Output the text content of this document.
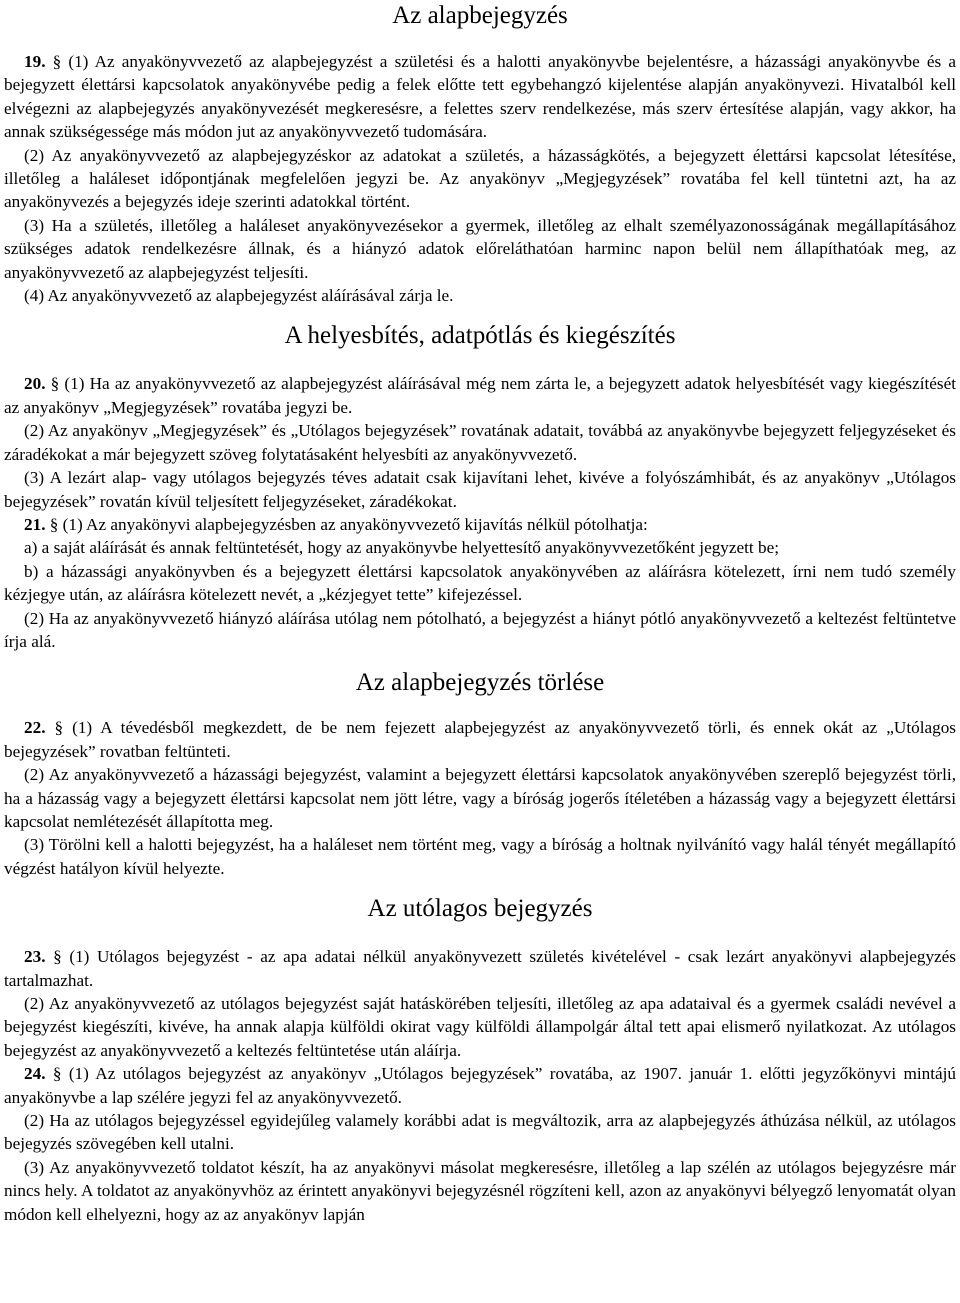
Az alapbejegyzés

19. § (1) Az anyakönyvvezető az alapbejegyzést a születési és a halotti anyakönyvbe bejelentésre, a házassági anyakönyvbe és a bejegyzett élettársi kapcsolatok anyakönyvébe pedig a felek előtte tett egybehangzó kijelentése alapján anyakönyvezi. Hivatalból kell elvégezni az alapbejegyzés anyakönyvezését megkeresésre, a felettes szerv rendelkezése, más szerv értesítése alapján, vagy akkor, ha annak szükségessége más módon jut az anyakönyvvezető tudomására.

(2) Az anyakönyvvezető az alapbejegyzéskor az adatokat a születés, a házasságkötés, a bejegyzett élettársi kapcsolat létesítése, illetőleg a haláleset időpontjának megfelelően jegyzi be. Az anyakönyv „Megjegyzések” rovatába fel kell tüntetni azt, ha az anyakönyvezés a bejegyzés ideje szerinti adatokkal történt.

(3) Ha a születés, illetőleg a haláleset anyakönyvezésekor a gyermek, illetőleg az elhalt személyazonosságának megállapításához szükséges adatok rendelkezésre állnak, és a hiányzó adatok előreláthatóan harminc napon belül nem állapíthatóak meg, az anyakönyvvezető az alapbejegyzést teljesíti.

(4) Az anyakönyvvezető az alapbejegyzést aláírásával zárja le.

A helyesbítés, adatpótlás és kiegészítés

20. § (1) Ha az anyakönyvvezető az alapbejegyzést aláírásával még nem zárta le, a bejegyzett adatok helyesbítését vagy kiegészítését az anyakönyv „Megjegyzések” rovatába jegyzi be.

(2) Az anyakönyv „Megjegyzések” és „Utólagos bejegyzések” rovatának adatait, továbbá az anyakönyvbe bejegyzett feljegyzéseket és záradékokat a már bejegyzett szöveg folytatásaként helyesbíti az anyakönyvvezető.

(3) A lezárt alap- vagy utólagos bejegyzés téves adatait csak kijavítani lehet, kivéve a folyószámhibát, és az anyakönyv „Utólagos bejegyzések” rovatán kívül teljesített feljegyzéseket, záradékokat.

21. § (1) Az anyakönyvi alapbejegyzésben az anyakönyvvezető kijavítás nélkül pótolhatja:

a) a saját aláírását és annak feltüntetését, hogy az anyakönyvbe helyettesítő anyakönyvvezetőként jegyzett be;

b) a házassági anyakönyvben és a bejegyzett élettársi kapcsolatok anyakönyvében az aláírásra kötelezett, írni nem tudó személy kézjegye után, az aláírásra kötelezett nevét, a „kézjegyet tette” kifejezéssel.

(2) Ha az anyakönyvvezető hiányzó aláírása utólag nem pótolható, a bejegyzést a hiányt pótló anyakönyvvezető a keltezést feltüntetve írja alá.

Az alapbejegyzés törlése

22. § (1) A tévedésből megkezdett, de be nem fejezett alapbejegyzést az anyakönyvvezető törli, és ennek okát az „Utólagos bejegyzések” rovatban feltünteti.

(2) Az anyakönyvvezető a házassági bejegyzést, valamint a bejegyzett élettársi kapcsolatok anyakönyvében szereplő bejegyzést törli, ha a házasság vagy a bejegyzett élettársi kapcsolat nem jött létre, vagy a bíróság jogerős ítéletében a házasság vagy a bejegyzett élettársi kapcsolat nemlétezését állapította meg.

(3) Törölni kell a halotti bejegyzést, ha a haláleset nem történt meg, vagy a bíróság a holtnak nyilvánító vagy halál tényét megállapító végzést hatályon kívül helyezte.

Az utólagos bejegyzés

23. § (1) Utólagos bejegyzést - az apa adatai nélkül anyakönyvezett születés kivételével - csak lezárt anyakönyvi alapbejegyzés tartalmazhat.

(2) Az anyakönyvvezető az utólagos bejegyzést saját hatáskörében teljesíti, illetőleg az apa adataival és a gyermek családi nevével a bejegyzést kiegészíti, kivéve, ha annak alapja külföldi okirat vagy külföldi állampolgár által tett apai elismerő nyilatkozat. Az utólagos bejegyzést az anyakönyvvezető a keltezés feltüntetése után aláírja.

24. § (1) Az utólagos bejegyzést az anyakönyv „Utólagos bejegyzések” rovatába, az 1907. január 1. előtti jegyzőkönyvi mintájú anyakönyvbe a lap szélére jegyzi fel az anyakönyvvezető.

(2) Ha az utólagos bejegyzéssel egyidejűleg valamely korábbi adat is megváltozik, arra az alapbejegyzés áthúzása nélkül, az utólagos bejegyzés szövegében kell utalni.

(3) Az anyakönyvvezető toldatot készít, ha az anyakönyvi másolat megkeresésre, illetőleg a lap szélén az utólagos bejegyzésre már nincs hely. A toldatot az anyakönyvhöz az érintett anyakönyvi bejegyzésnél rögzíteni kell, azon az anyakönyvi bélyegző lenyomatát olyan módon kell elhelyezni, hogy az az anyakönyv lapján
